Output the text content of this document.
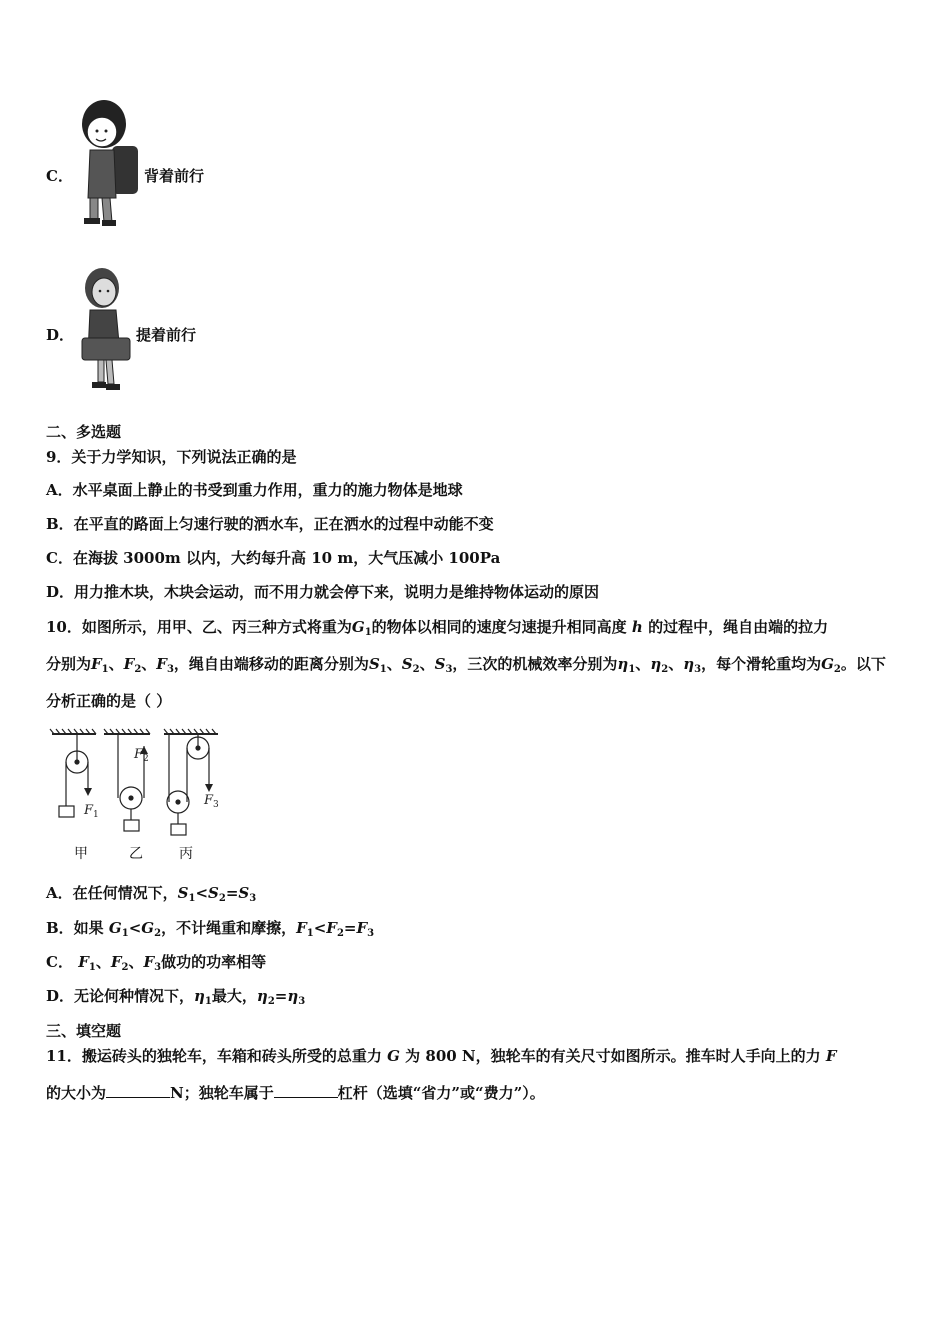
C．	背着前行
D．	提着前行
二、多选题
9．关于力学知识，下列说法正确的是
A．水平桌面上静止的书受到重力作用，重力的施力物体是地球
B．在平直的路面上匀速行驶的洒水车，正在洒水的过程中动能不变
C．在海拔 3000m 以内，大约每升高 10 m，大气压减小 100Pa
D．用力推木块，木块会运动，而不用力就会停下来，说明力是维持物体运动的原因
10．如图所示，用甲、乙、丙三种方式将重为$G_1$的物体以相同的速度匀速提升相同高度 h 的过程中，绳自由端的拉力
分别为$F_1$、$F_2$、$F_3$，绳自由端移动的距离分别为$S_1$、$S_2$、$S_3$，三次的机械效率分别为$\eta_1$、$\eta_2$、$\eta_3$，每个滑轮重均为$G_2$。以下
分析正确的是（ ）
$F_1$
$F_2$
$F_3$
甲	乙	丙
A．在任何情况下，$S_1<S_2=S_3$
B．如果 $G_1<G_2$，不计绳重和摩擦，$F_1<F_2=F_3$
C． $F_1$、$F_2$、$F_3$做功的功率相等
D．无论何种情况下，$\eta_1$最大，$\eta_2=\eta_3$
三、填空题
11．搬运砖头的独轮车，车箱和砖头所受的总重力 G 为 800 N，独轮车的有关尺寸如图所示。推车时人手向上的力 F
的大小为	N；独轮车属于	杠杆（选填“省力”或“费力”）。
